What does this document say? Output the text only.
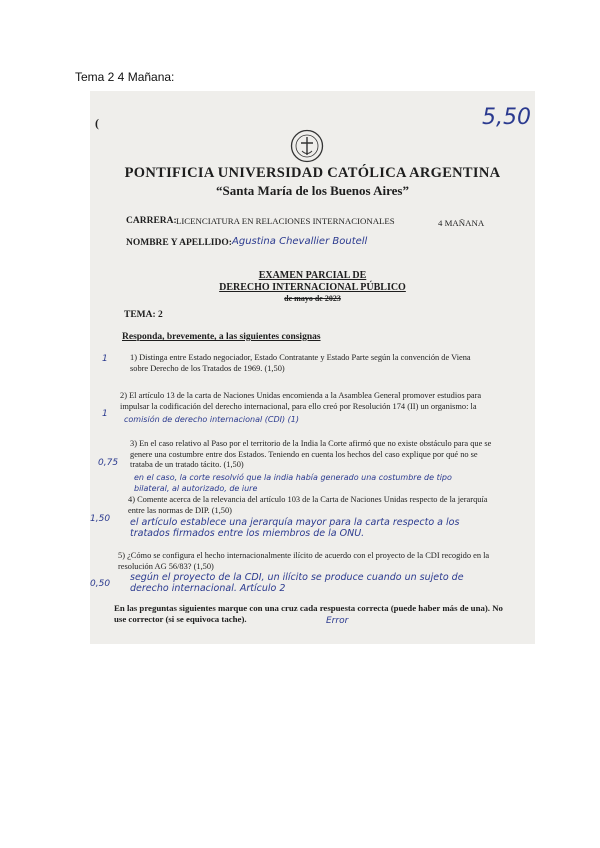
Tema 2 4 Mañana:
(	5,50
PONTIFICIA UNIVERSIDAD CATÓLICA ARGENTINA
“Santa María de los Buenos Aires”
CARRERA: LICENCIATURA EN RELACIONES INTERNACIONALES	4 MAÑANA
NOMBRE Y APELLIDO: Agustina Chevallier Boutell
EXAMEN PARCIAL DE
DERECHO INTERNACIONAL PÚBLICO
de mayo de 2023
TEMA: 2
Responda, brevemente, a las siguientes consignas
1	1) Distinga entre Estado negociador, Estado Contratante y Estado Parte según la convención de Viena sobre Derecho de los Tratados de 1969. (1,50)
1
2) El artículo 13 de la carta de Naciones Unidas encomienda a la Asamblea General promover estudios para impulsar la codificación del derecho internacional, para ello creó por Resolución 174 (II) un organismo: la
comisión de derecho internacional (CDI) (1)
0,75
3) En el caso relativo al Paso por el territorio de la India la Corte afirmó que no existe obstáculo para que se genere una costumbre entre dos Estados. Teniendo en cuenta los hechos del caso explique por qué no se trataba de un tratado tácito. (1,50)
en el caso, la corte resolvió que la india había generado una costumbre de tipo bilateral, al autorizado, de iure
1,50
4) Comente acerca de la relevancia del artículo 103 de la Carta de Naciones Unidas respecto de la jerarquía entre las normas de DIP. (1,50)
el artículo establece una jerarquía mayor para la carta respecto a los tratados firmados entre los miembros de la ONU.
0,50
5) ¿Cómo se configura el hecho internacionalmente ilícito de acuerdo con el proyecto de la CDI recogido en la resolución AG 56/83? (1,50)
según el proyecto de la CDI, un ilícito se produce cuando un sujeto de derecho internacional. Artículo 2
En las preguntas siguientes marque con una cruz cada respuesta correcta (puede haber más de una). No use corrector (si se equivoca tache).	Error
